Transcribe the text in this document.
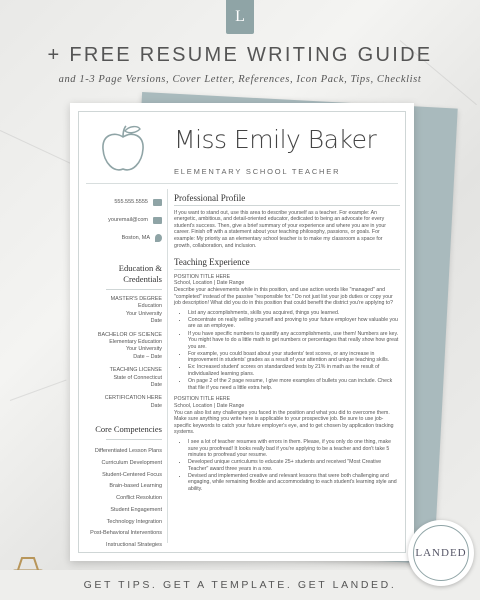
L
+ FREE RESUME WRITING GUIDE
and 1-3 Page Versions, Cover Letter, References, Icon Pack, Tips, Checklist
Miss Emily Baker
ELEMENTARY SCHOOL TEACHER
555.555.5555
youremail@com
Boston, MA
Education &
Credentials
MASTER'S DEGREE
Education
Your University
Date
BACHELOR OF SCIENCE
Elementary Education
Your University
Date – Date
TEACHING LICENSE
State of Connecticut
Date
CERTIFICATION HERE
Date
Core Competencies
Differentiated Lesson Plans
Curriculum Development
Student-Centered Focus
Brain-based Learning
Conflict Resolution
Student Engagement
Technology Integration
Post-Behavioral Interventions
Instructional Strategies
Professional Profile
If you want to stand out, use this area to describe yourself as a teacher. For example: An energetic, ambitious, and detail-oriented educator, dedicated to being an advocate for every student's success. Then, give a brief summary of your experience and where you are in your career. Finish off with a statement about your teaching philosophy, passions, or goals. For example: My priority as an elementary school teacher is to make my classroom a space for growth, collaboration, and inclusion.
Teaching Experience
POSITION TITLE HERE
School, Location | Date Range
Describe your achievements while in this position, and use action words like "managed" and "completed" instead of the passive "responsible for." Do not just list your job duties or copy your job description! What did you do in this position that could benefit the district you're applying to?
• List any accomplishments, skills you acquired, things you learned.
• Concentrate on really selling yourself and proving to your future employer how valuable you are as an employee.
• If you have specific numbers to quantify any accomplishments, use them! Numbers are key. You might have to do a little math to get numbers or percentages that really show how great you are.
• For example, you could boast about your students' test scores, or any increase in improvement in students' grades as a result of your attention and unique teaching skills.
• Ex: Increased student' scores on standardized tests by 21% in math as the result of individualized learning plans.
• On page 2 of the 2 page resume, I give more examples of bullets you can include. Check that file if you need a little extra help.
POSITION TITLE HERE
School, Location | Date Range
You can also list any challenges you faced in the position and what you did to overcome them. Make sure anything you write here is applicable to your prospective job. Be sure to use job-specific keywords to catch your future employer's eye, and to get chosen by application tracking systems.
• I see a lot of teacher resumes with errors in them. Please, if you only do one thing, make sure you proofread! It looks really bad if you're applying to be a teacher and don't take 5 minutes to proofread your resume.
• Developed unique curriculums to educate 25+ students and received "Most Creative Teacher" award three years in a row.
• Devised and implemented creative and relevant lessons that were both challenging and engaging, while remaining flexible and accommodating to each student's learning style and ability.
GET TIPS. GET A TEMPLATE. GET LANDED.
LANDED
